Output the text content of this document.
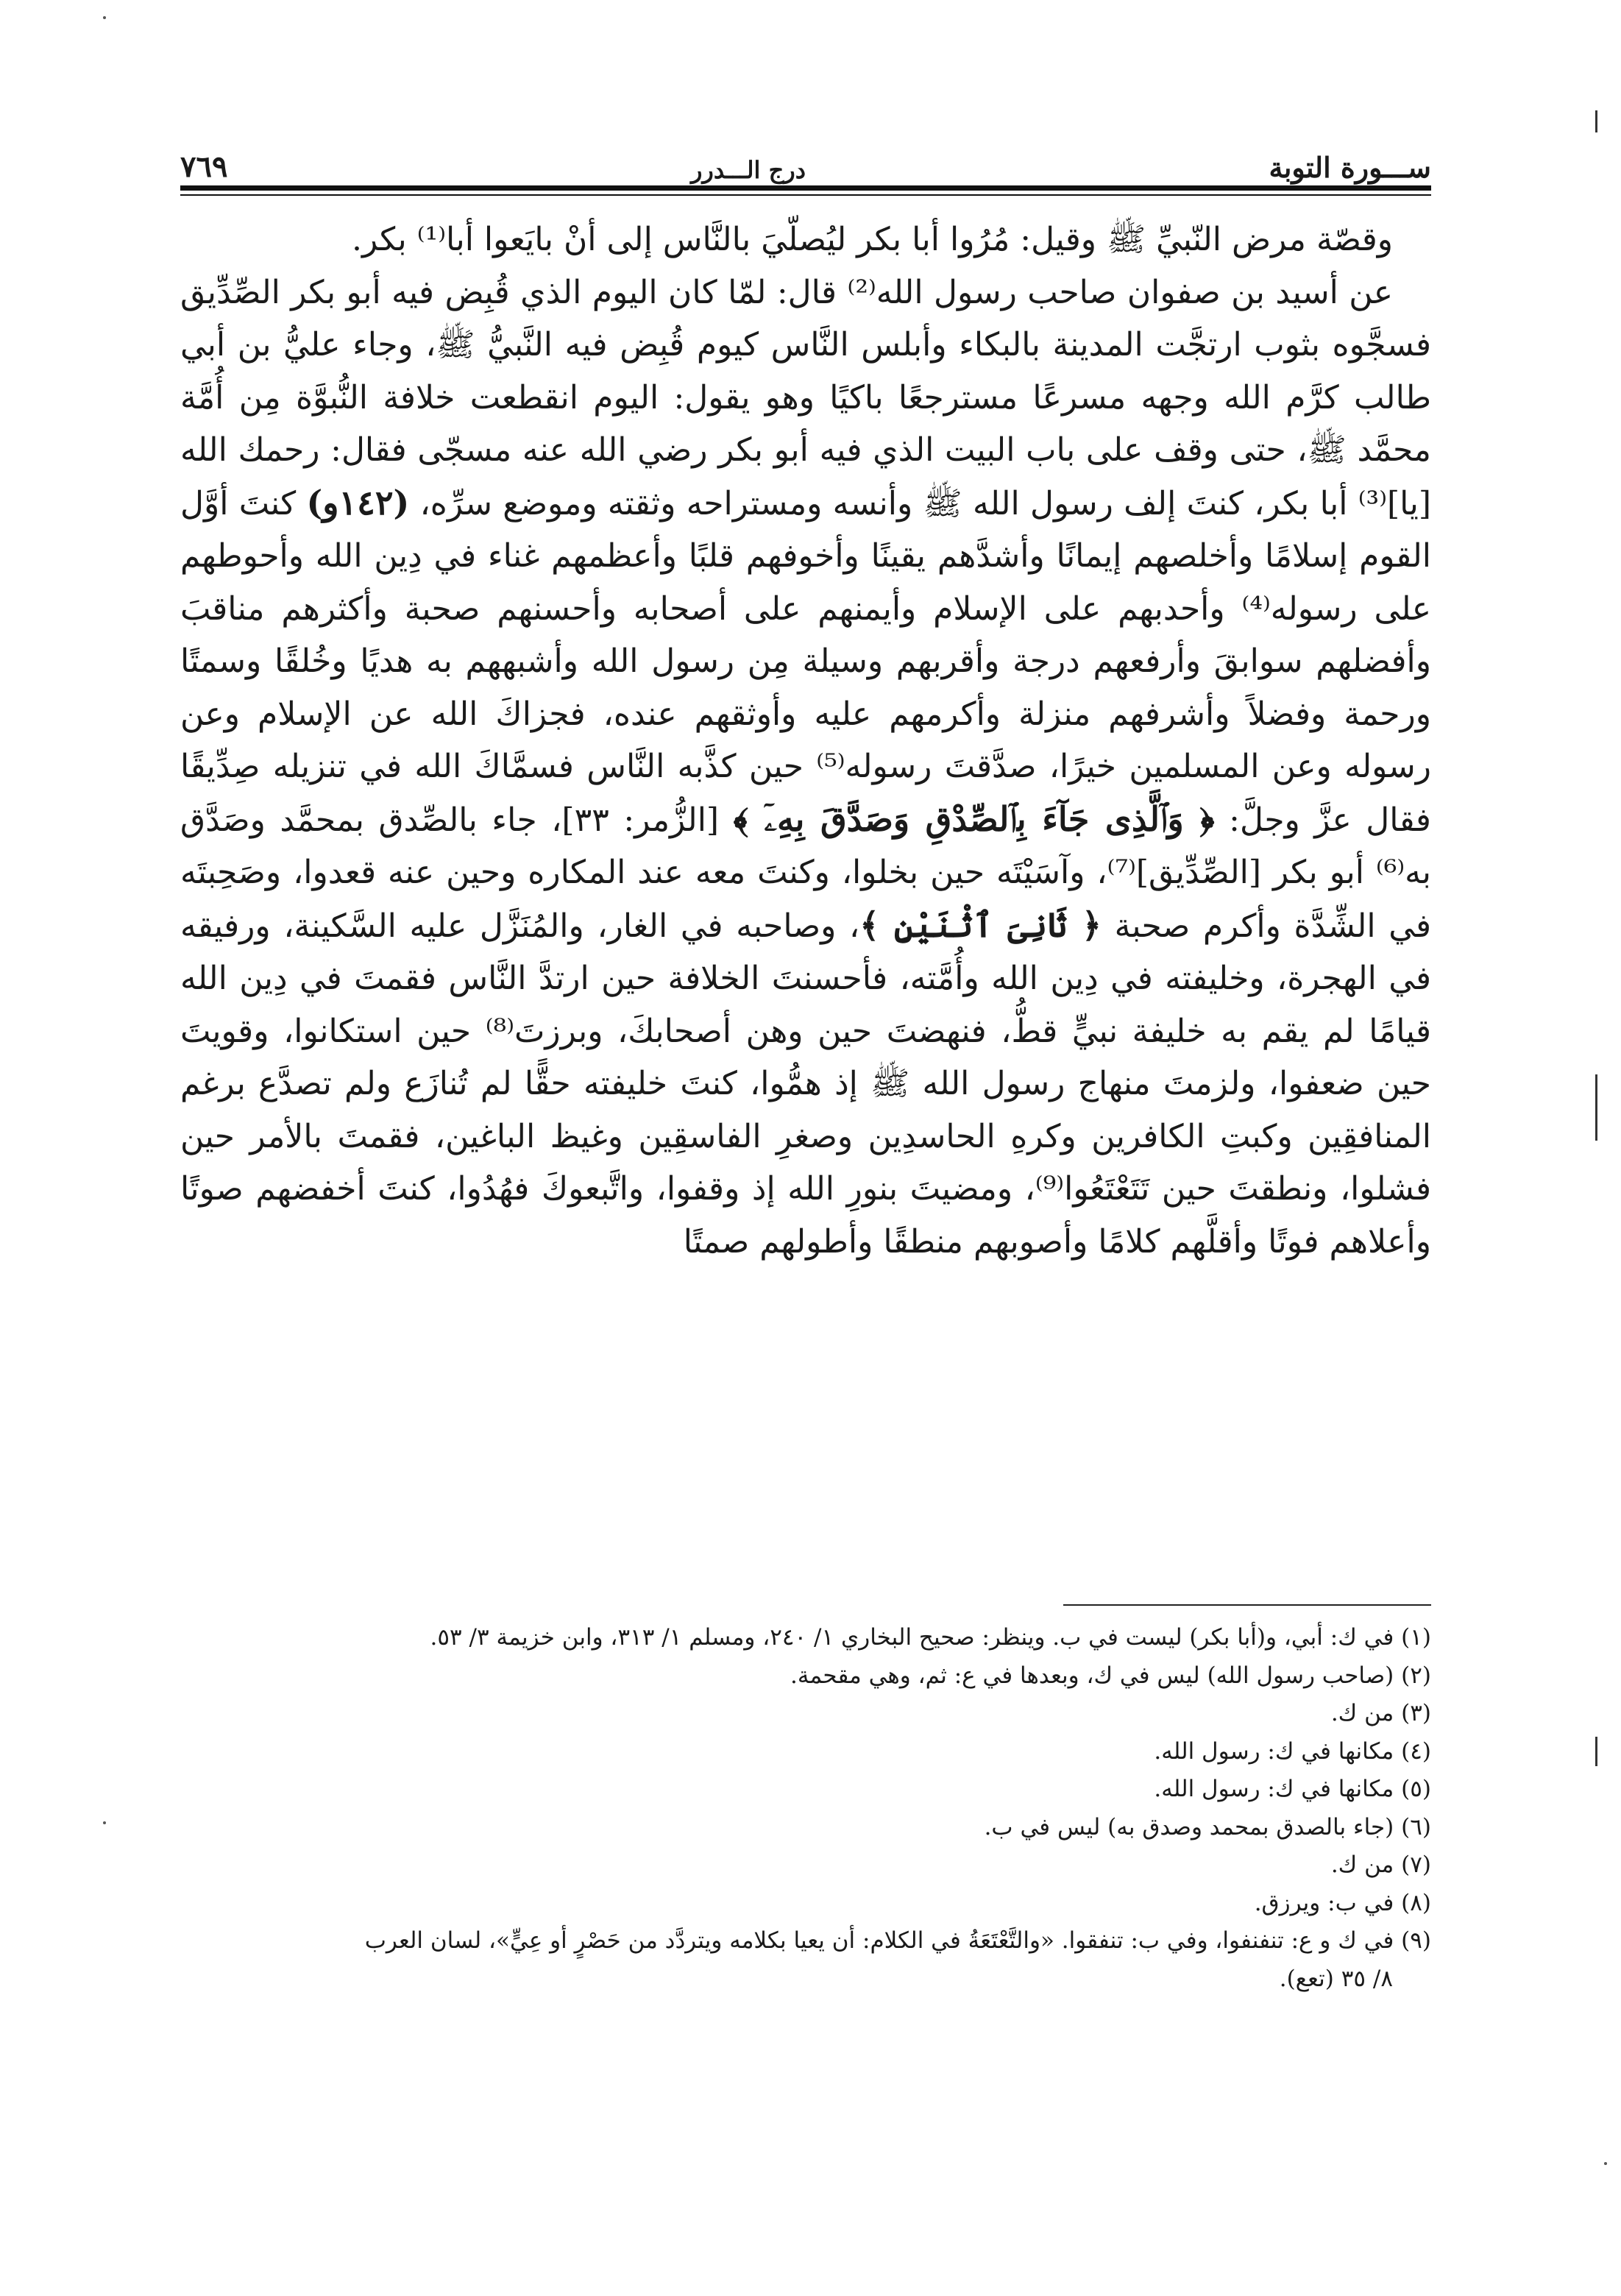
ســـورة التوبة
درج الـــدرر
٧٦٩

وقصّة مرض النّبيِّ ﷺ وقيل: مُرُوا أبا بكر ليُصلّيَ بالنَّاس إلى أنْ بايَعوا أبا⁽¹⁾ بكر.

عن أسيد بن صفوان صاحب رسول الله⁽²⁾ قال: لمّا كان اليوم الذي قُبِض فيه أبو بكر الصِّدِّيق فسجَّوه بثوب ارتجَّت المدينة بالبكاء وأبلس النَّاس كيوم قُبِض فيه النَّبيُّ ﷺ، وجاء عليُّ بن أبي طالب كرَّم الله وجهه مسرعًا مسترجعًا باكيًا وهو يقول: اليوم انقطعت خلافة النُّبوَّة مِن أُمَّة محمَّد ﷺ، حتى وقف على باب البيت الذي فيه أبو بكر رضي الله عنه مسجّى فقال: رحمك الله [يا]⁽³⁾ أبا بكر، كنتَ إلف رسول الله ﷺ وأنسه ومستراحه وثقته وموضع سرِّه، (١٤٢و) كنتَ أوَّل القوم إسلامًا وأخلصهم إيمانًا وأشدَّهم يقينًا وأخوفهم قلبًا وأعظمهم غناء في دِين الله وأحوطهم على رسوله⁽⁴⁾ وأحدبهم على الإسلام وأيمنهم على أصحابه وأحسنهم صحبة وأكثرهم مناقبَ وأفضلهم سوابقَ وأرفعهم درجة وأقربهم وسيلة مِن رسول الله وأشبههم به هديًا وخُلقًا وسمتًا ورحمة وفضلاً وأشرفهم منزلة وأكرمهم عليه وأوثقهم عنده، فجزاكَ الله عن الإسلام وعن رسوله وعن المسلمين خيرًا، صدَّقتَ رسوله⁽⁵⁾ حين كذَّبه النَّاس فسمَّاكَ الله في تنزيله صِدِّيقًا فقال عزَّ وجلَّ: ﴿ وَٱلَّذِى جَآءَ بِٱلصِّدْقِ وَصَدَّقَ بِهِۦٓ ﴾ [الزُّمر: ٣٣]، جاء بالصِّدق بمحمَّد وصَدَّق به⁽⁶⁾ أبو بكر [الصِّدِّيق]⁽⁷⁾، وآسَيْتَه حين بخلوا، وكنتَ معه عند المكاره وحين عنه قعدوا، وصَحِبتَه في الشِّدَّة وأكرم صحبة ﴿ ثَانِىَ ٱثْنَيْنِ ﴾، وصاحبه في الغار، والمُنَزَّل عليه السَّكينة، ورفيقه في الهجرة، وخليفته في دِين الله وأُمَّته، فأحسنتَ الخلافة حين ارتدَّ النَّاس فقمتَ في دِين الله قيامًا لم يقم به خليفة نبيٍّ قطُّ، فنهضتَ حين وهن أصحابكَ، وبرزتَ⁽⁸⁾ حين استكانوا، وقويتَ حين ضعفوا، ولزمتَ منهاج رسول الله ﷺ إذ همُّوا، كنتَ خليفته حقًّا لم تُنازَع ولم تصدَّع برغم المنافقِين وكبتِ الكافرين وكرهِ الحاسدِين وصغرِ الفاسقِين وغيظ الباغين، فقمتَ بالأمر حين فشلوا، ونطقتَ حين تَتَعْتَعُوا⁽⁹⁾، ومضيتَ بنورِ الله إذ وقفوا، واتَّبعوكَ فهُدُوا، كنتَ أخفضهم صوتًا وأعلاهم فوتًا وأقلَّهم كلامًا وأصوبهم منطقًا وأطولهم صمتًا

(١) في ك: أبي، و(أبا بكر) ليست في ب. وينظر: صحيح البخاري ١/ ٢٤٠، ومسلم ١/ ٣١٣، وابن خزيمة ٣/ ٥٣.
(٢) (صاحب رسول الله) ليس في ك، وبعدها في ع: ثم، وهي مقحمة.
(٣) من ك.
(٤) مكانها في ك: رسول الله.
(٥) مكانها في ك: رسول الله.
(٦) (جاء بالصدق بمحمد وصدق به) ليس في ب.
(٧) من ك.
(٨) في ب: ويرزق.
(٩) في ك و ع: تنفنفوا، وفي ب: تنفقوا. «والتَّعْتَعَةُ في الكلام: أن يعيا بكلامه ويتردَّد من حَصْرٍ أو عِيٍّ»، لسان العرب
٨/ ٣٥ (تعع).
